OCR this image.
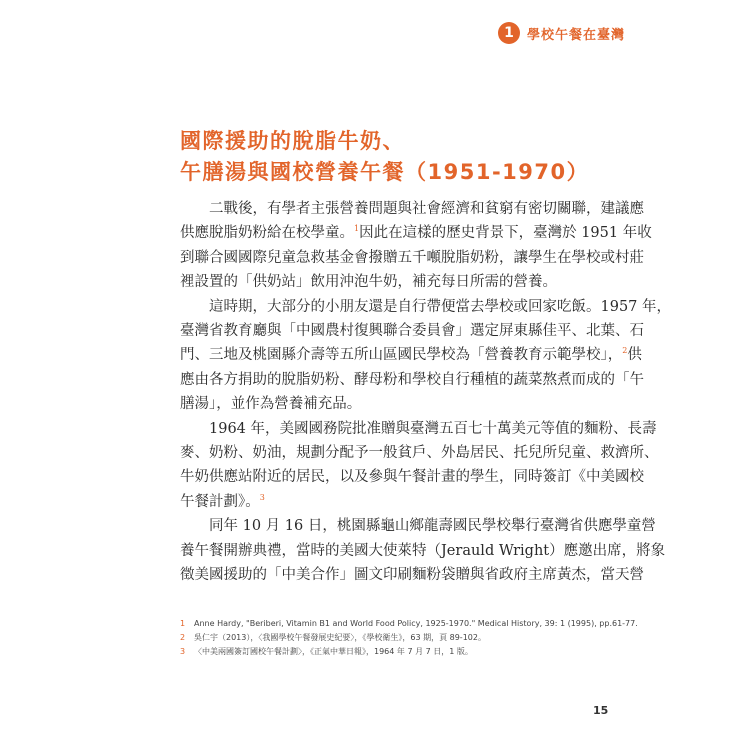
1	學校午餐在臺灣
國際援助的脫脂牛奶、
午膳湯與國校營養午餐（1951-1970）

二戰後，有學者主張營養問題與社會經濟和貧窮有密切關聯，建議應
供應脫脂奶粉給在校學童。$^1$因此在這樣的歷史背景下，臺灣於 1951 年收
到聯合國國際兒童急救基金會撥贈五千噸脫脂奶粉，讓學生在學校或村莊
裡設置的「供奶站」飲用沖泡牛奶，補充每日所需的營養。

這時期，大部分的小朋友還是自行帶便當去學校或回家吃飯。1957 年，
臺灣省教育廳與「中國農村復興聯合委員會」選定屏東縣佳平、北葉、石
門、三地及桃園縣介壽等五所山區國民學校為「營養教育示範學校」，$^2$供
應由各方捐助的脫脂奶粉、酵母粉和學校自行種植的蔬菜熬煮而成的「午
膳湯」，並作為營養補充品。

1964 年，美國國務院批准贈與臺灣五百七十萬美元等值的麵粉、長壽
麥、奶粉、奶油，規劃分配予一般貧戶、外島居民、托兒所兒童、救濟所、
牛奶供應站附近的居民，以及參與午餐計畫的學生，同時簽訂《中美國校
午餐計劃》。$^3$

同年 10 月 16 日，桃園縣龜山鄉龍壽國民學校舉行臺灣省供應學童營
養午餐開辦典禮，當時的美國大使萊特（Jerauld Wright）應邀出席，將象
徵美國援助的「中美合作」圖文印刷麵粉袋贈與省政府主席黃杰，當天營

1	Anne Hardy, "Beriberi, Vitamin B1 and World Food Policy, 1925-1970." Medical History, 39: 1 (1995), pp.61-77.
2	吳仁宇（2013），〈我國學校午餐發展史紀要〉，《學校衛生》，63 期，頁 89-102。
3	〈中美兩國簽訂國校午餐計劃〉，《正氣中華日報》，1964 年 7 月 7 日，1 版。
15
